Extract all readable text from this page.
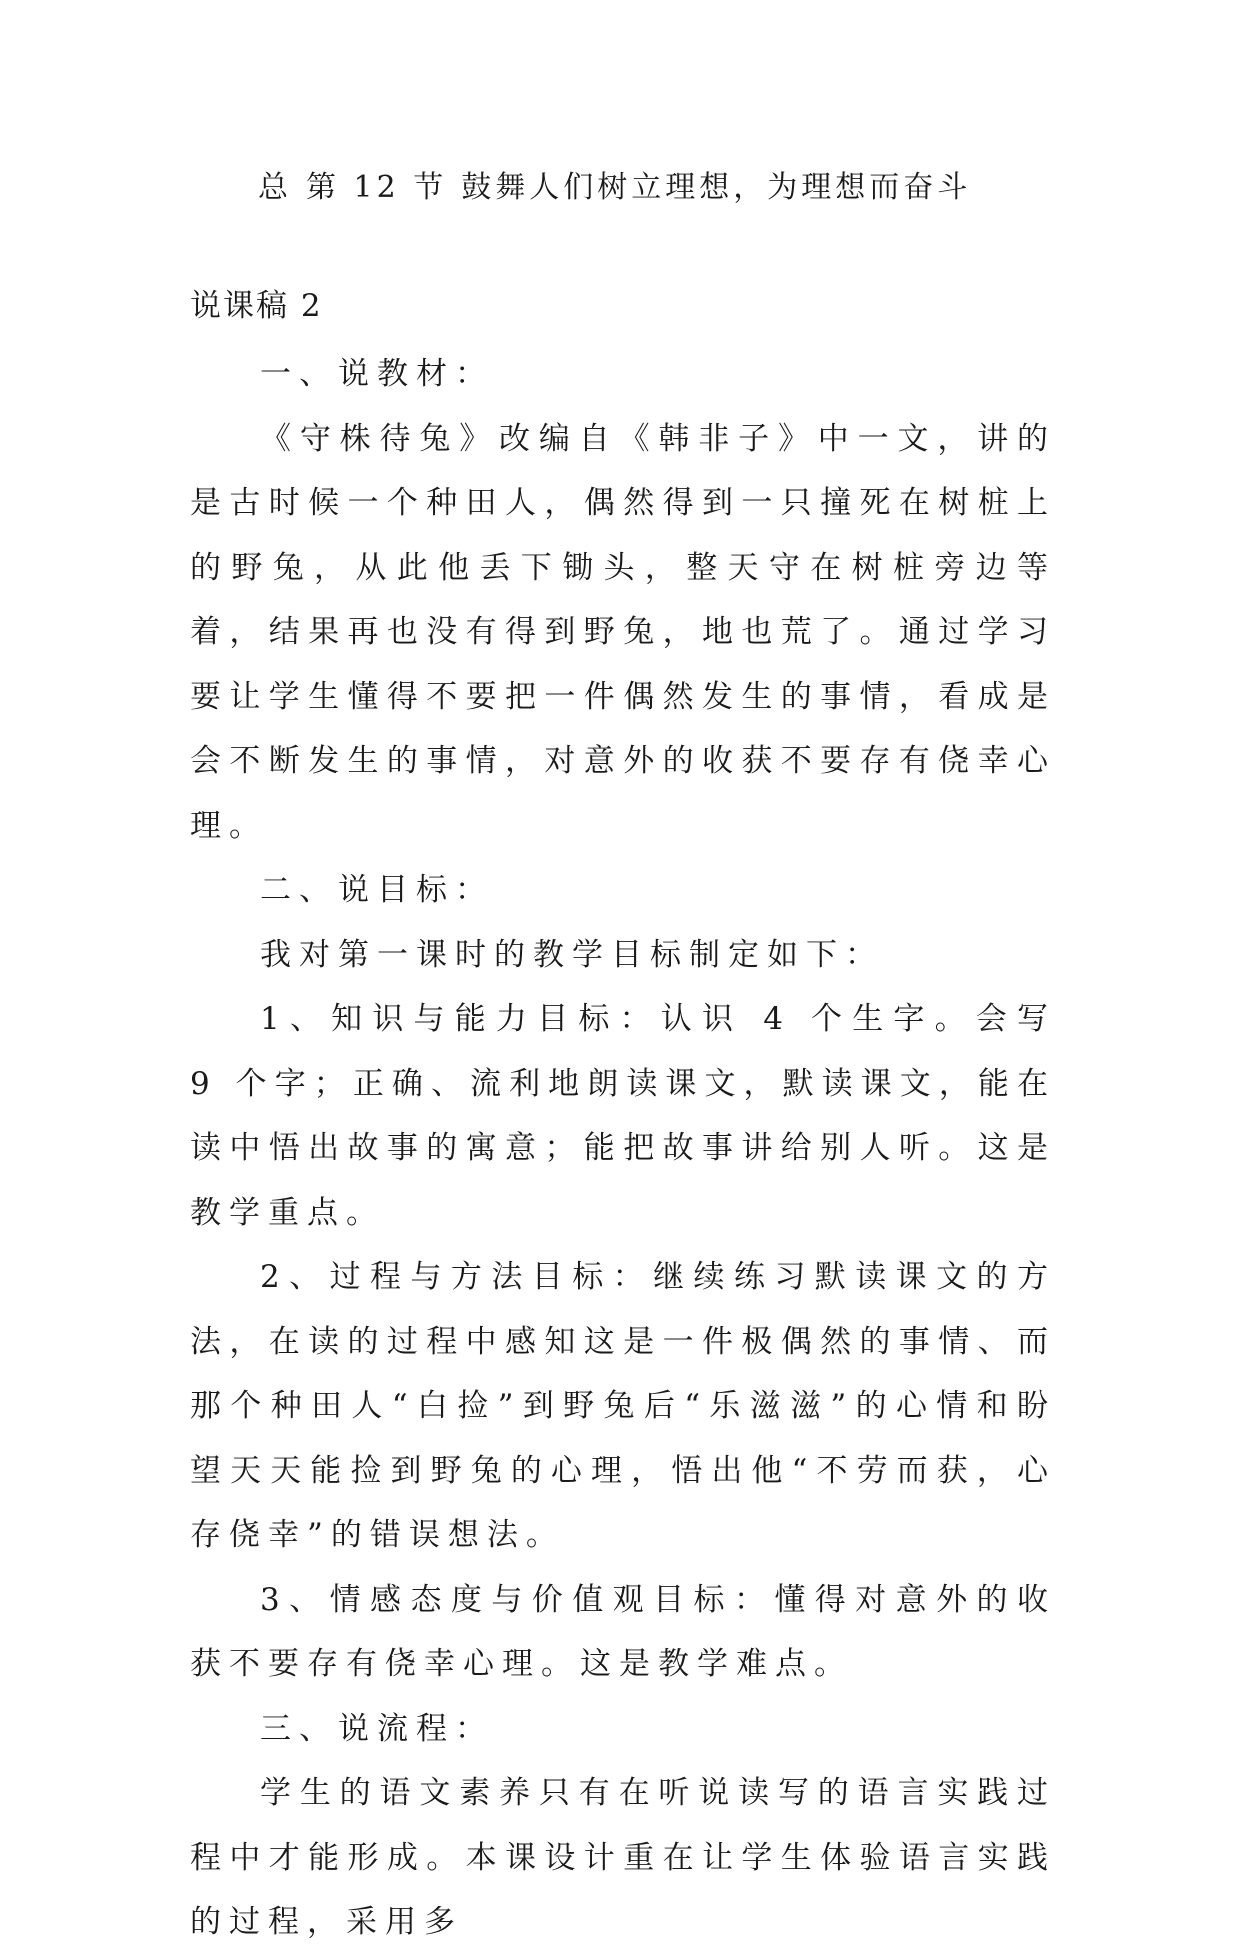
总 第 12 节 鼓舞人们树立理想，为理想而奋斗
说课稿 2

一、说教材：

《守株待兔》改编自《韩非子》中一文，讲的是古时候一个种田人，偶然得到一只撞死在树桩上的野兔，从此他丢下锄头，整天守在树桩旁边等着，结果再也没有得到野兔，地也荒了。通过学习要让学生懂得不要把一件偶然发生的事情，看成是会不断发生的事情，对意外的收获不要存有侥幸心理。

二、说目标：

我对第一课时的教学目标制定如下：

1、知识与能力目标：认识 4 个生字。会写 9 个字；正确、流利地朗读课文，默读课文，能在读中悟出故事的寓意；能把故事讲给别人听。这是教学重点。

2、过程与方法目标：继续练习默读课文的方法，在读的过程中感知这是一件极偶然的事情、而那个种田人“白捡”到野兔后“乐滋滋”的心情和盼望天天能捡到野兔的心理，悟出他“不劳而获，心存侥幸”的错误想法。

3、情感态度与价值观目标：懂得对意外的收获不要存有侥幸心理。这是教学难点。

三、说流程：

学生的语文素养只有在听说读写的语言实践过程中才能形成。本课设计重在让学生体验语言实践的过程，采用多
